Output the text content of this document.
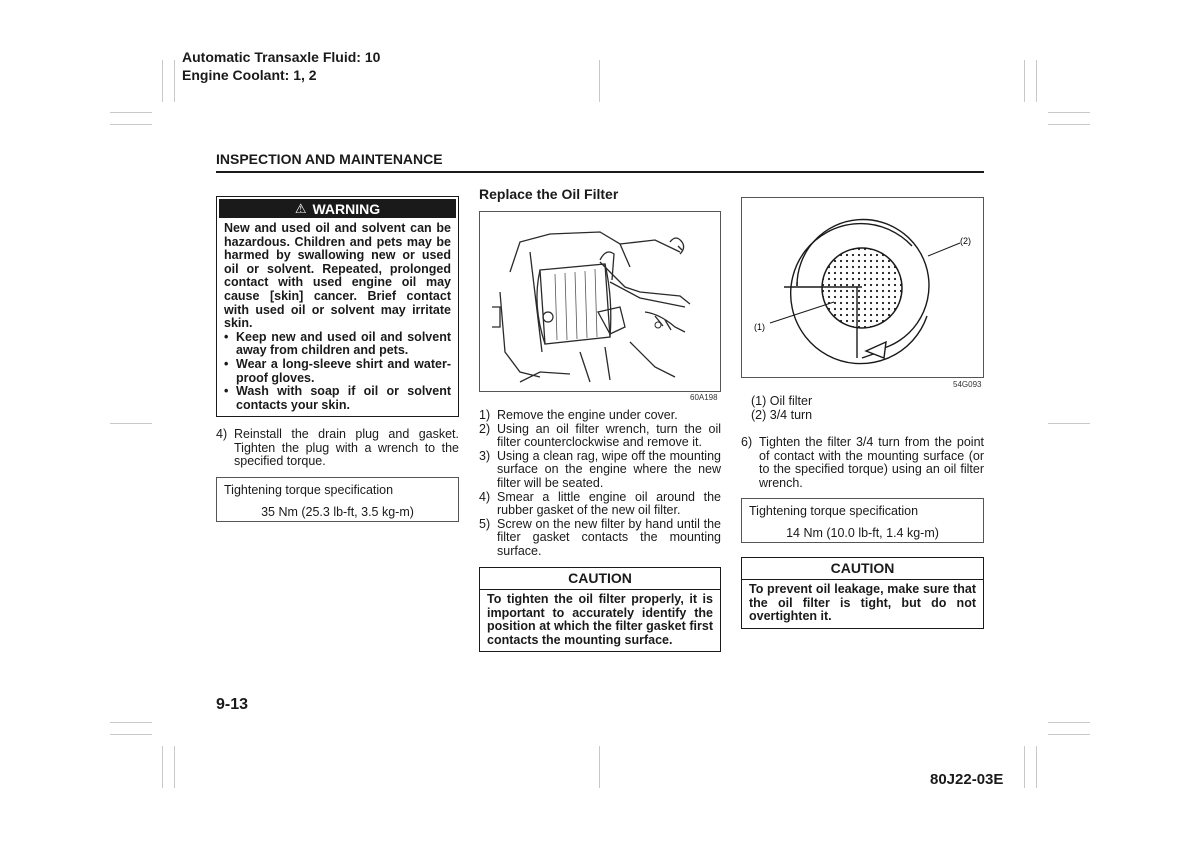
Automatic Transaxle Fluid: 10
Engine Coolant: 1, 2
INSPECTION AND MAINTENANCE
⚠ WARNING
New and used oil and solvent can be hazardous. Children and pets may be harmed by swallowing new or used oil or solvent. Repeated, prolonged contact with used engine oil may cause [skin] cancer. Brief contact with used oil or solvent may irritate skin.
• Keep new and used oil and solvent away from children and pets.
• Wear a long-sleeve shirt and water-proof gloves.
• Wash with soap if oil or solvent contacts your skin.
4) Reinstall the drain plug and gasket. Tighten the plug with a wrench to the specified torque.
Tightening torque specification
35 Nm (25.3 lb-ft, 3.5 kg-m)
Replace the Oil Filter
60A198
1) Remove the engine under cover.
2) Using an oil filter wrench, turn the oil filter counterclockwise and remove it.
3) Using a clean rag, wipe off the mounting surface on the engine where the new filter will be seated.
4) Smear a little engine oil around the rubber gasket of the new oil filter.
5) Screw on the new filter by hand until the filter gasket contacts the mounting surface.
CAUTION
To tighten the oil filter properly, it is important to accurately identify the position at which the filter gasket first contacts the mounting surface.
(1)
(2)
54G093
(1) Oil filter
(2) 3/4 turn
6) Tighten the filter 3/4 turn from the point of contact with the mounting surface (or to the specified torque) using an oil filter wrench.
Tightening torque specification
14 Nm (10.0 lb-ft, 1.4 kg-m)
CAUTION
To prevent oil leakage, make sure that the oil filter is tight, but do not overtighten it.
9-13
80J22-03E
